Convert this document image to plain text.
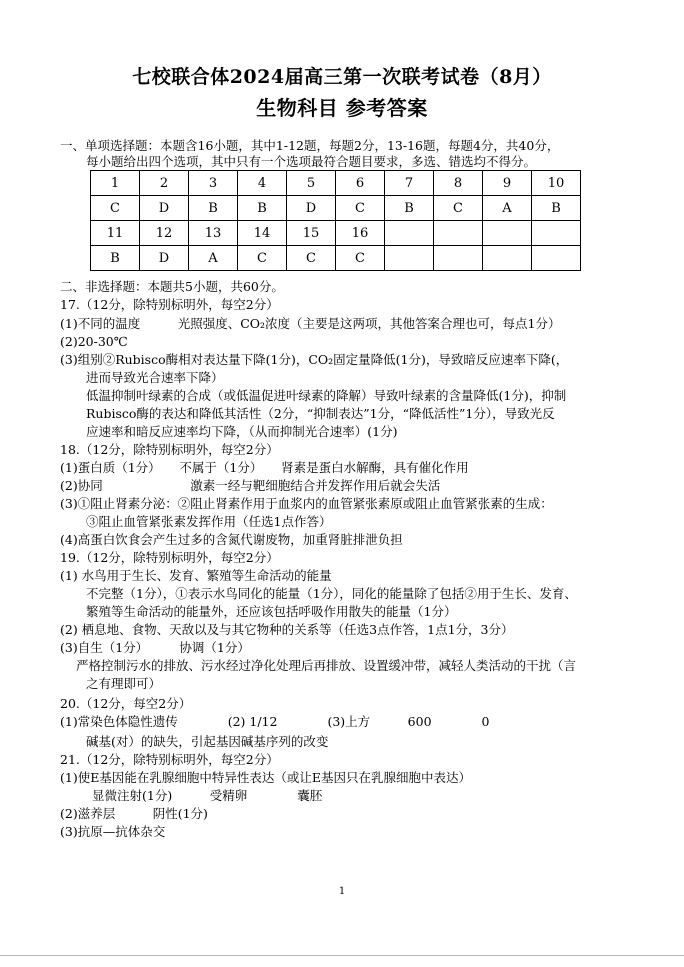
七校联合体2024届高三第一次联考试卷（8月）
生物科目 参考答案
一、单项选择题：本题含16小题，其中1-12题，每题2分，13-16题，每题4分，共40分，
每小题给出四个选项，其中只有一个选项最符合题目要求，多选、错选均不得分。
1	2	3	4	5	6	7	8	9	10
C	D	B	B	D	C	B	C	A	B
11	12	13	14	15	16				
B	D	A	C	C	C				
二、非选择题：本题共5小题，共60分。
17.（12分，除特别标明外，每空2分）
(1)不同的温度　　　光照强度、CO₂浓度（主要是这两项，其他答案合理也可，每点1分）
(2)20-30℃
(3)组别②Rubisco酶相对表达量下降(1分)，CO₂固定量降低(1分)，导致暗反应速率下降(，
进而导致光合速率下降）
低温抑制叶绿素的合成（或低温促进叶绿素的降解）导致叶绿素的含量降低(1分)，抑制
Rubisco酶的表达和降低其活性（2分，“抑制表达”1分，“降低活性”1分），导致光反
应速率和暗反应速率均下降，（从而抑制光合速率）(1分)
18.（12分，除特别标明外，每空2分）
(1)蛋白质（1分）　　不属于（1分）　　肾素是蛋白水解酶，具有催化作用
(2)协同　　　　　　　激素一经与靶细胞结合并发挥作用后就会失活
(3)①阻止肾素分泌：②阻止肾素作用于血浆内的血管紧张素原或阻止血管紧张素的生成：
③阻止血管紧张素发挥作用（任选1点作答）
(4)高蛋白饮食会产生过多的含氮代谢废物，加重肾脏排泄负担
19.（12分，除特别标明外，每空2分）
(1) 水鸟用于生长、发育、繁殖等生命活动的能量
不完整（1分），①表示水鸟同化的能量（1分），同化的能量除了包括②用于生长、发育、
繁殖等生命活动的能量外，还应该包括呼吸作用散失的能量（1分）
(2) 栖息地、食物、天敌以及与其它物种的关系等（任选3点作答，1点1分，3分）
(3)自生（1分）　　　协调（1分）
严格控制污水的排放、污水经过净化处理后再排放、设置缓冲带，减轻人类活动的干扰（言
之有理即可）
20.（12分，每空2分）
(1)常染色体隐性遗传　　　　(2) 1/12　　　　(3)上方　　　600　　　　0
碱基(对）的缺失，引起基因碱基序列的改变
21.（12分，除特别标明外，每空2分）
(1)使E基因能在乳腺细胞中特异性表达（或让E基因只在乳腺细胞中表达）
显微注射(1分)　　　受精卵　　　　囊胚
(2)滋养层　　　阴性(1分)
(3)抗原—抗体杂交
1
